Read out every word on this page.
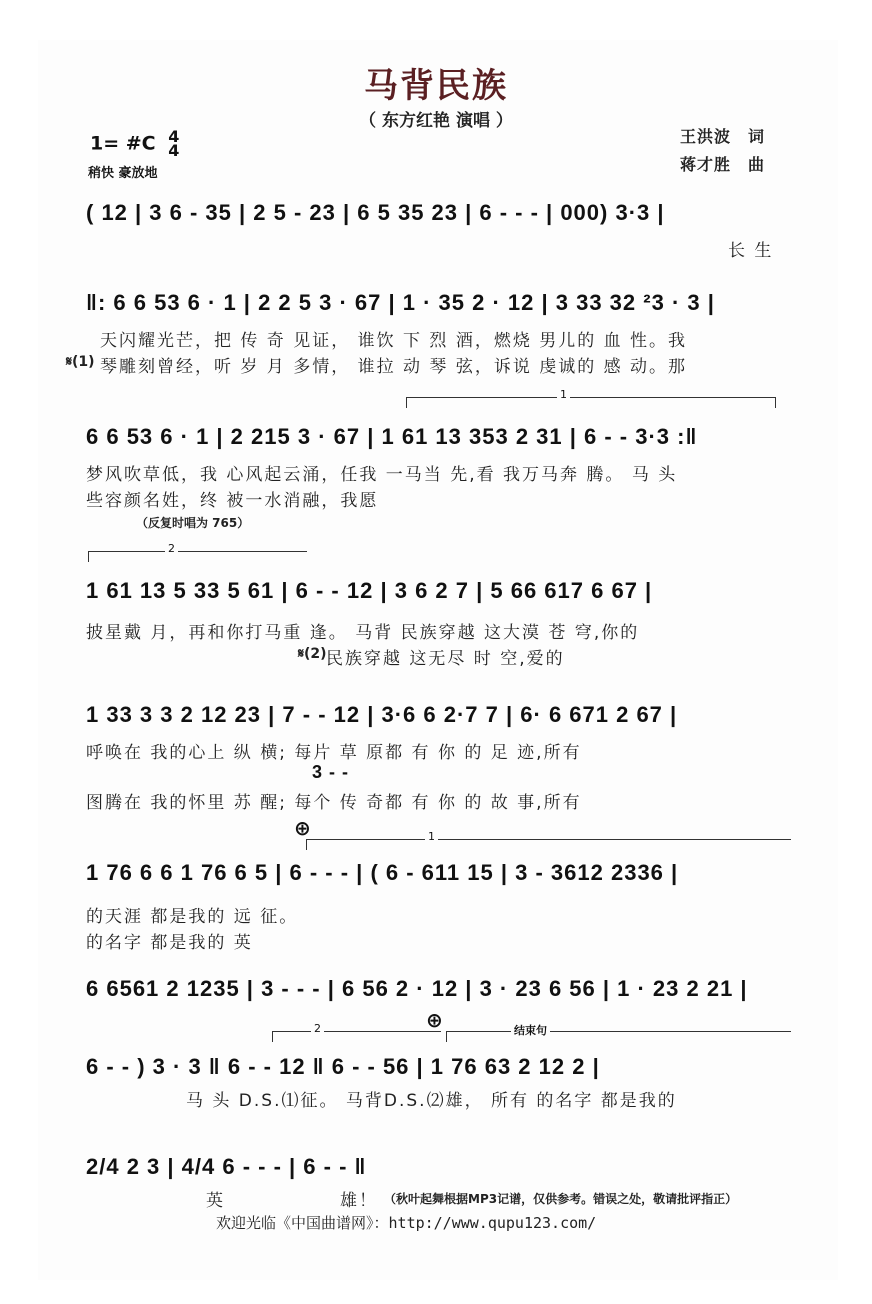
马背民族
（ 东方红艳 演唱 ）
1= #C 4
4
稍快 豪放地
王洪波　词
蒋才胜　曲
( 12 | 3 6 - 35 | 2 5 - 23 | 6 5 35 23 | 6 - - - | 000) 3·3 |
长 生
‖: 6 6 53 6 · 1 | 2 2 5 3 · 67 | 1 · 35 2 · 12 | 3 33 32 ²3 · 3 |
天闪耀光芒，把 传 奇 见证， 谁饮 下 烈 酒，燃烧 男儿的 血 性。我
𝄋(1) 琴雕刻曾经，听 岁 月 多情， 谁拉 动 琴 弦，诉说 虔诚的 感 动。那
1
6 6 53 6 · 1 | 2 215 3 · 67 | 1 61 13 353 2 31 | 6 - - 3·3 :‖
梦风吹草低，我 心风起云涌，任我 一马当 先,看 我万马奔 腾。 马 头
些容颜名姓，终 被一水消融，我愿
（反复时唱为 765）
2
1 61 13 5 33 5 61 | 6 - - 12 | 3 6 2 7 | 5 66 617 6 67 |
披星戴 月，再和你打马重 逢。 马背 民族穿越 这大漠 苍 穹,你的
𝄋(2) 民族穿越 这无尽 时 空,爱的
1 33 3 3 2 12 23 | 7 - - 12 | 3·6 6 2·7 7 | 6· 6 671 2 67 |
呼唤在 我的心上 纵 横; 每片 草 原都 有 你 的 足 迹,所有
3 - -
图腾在 我的怀里 苏 醒; 每个 传 奇都 有 你 的 故 事,所有
⊕	1
1 76 6 6 1 76 6 5 | 6 - - - | ( 6 - 611 15 | 3 - 3612 2336 |
的天涯 都是我的 远 征。
的名字 都是我的 英
6 6561 2 1235 | 3 - - - | 6 56 2 · 12 | 3 · 23 6 56 | 1 · 23 2 21 |
2	⊕	结束句
6 - - ) 3 · 3 ‖ 6 - - 12 ‖ 6 - - 56 | 1 76 63 2 12 2 |
马 头 D.S.⑴征。 马背D.S.⑵雄， 所有 的名字 都是我的
2/4 2 3 | 4/4 6 - - - | 6 - - ‖
英	雄！ （秋叶起舞根据MP3记谱，仅供参考。错误之处，敬请批评指正）
欢迎光临《中国曲谱网》：http://www.qupu123.com/
